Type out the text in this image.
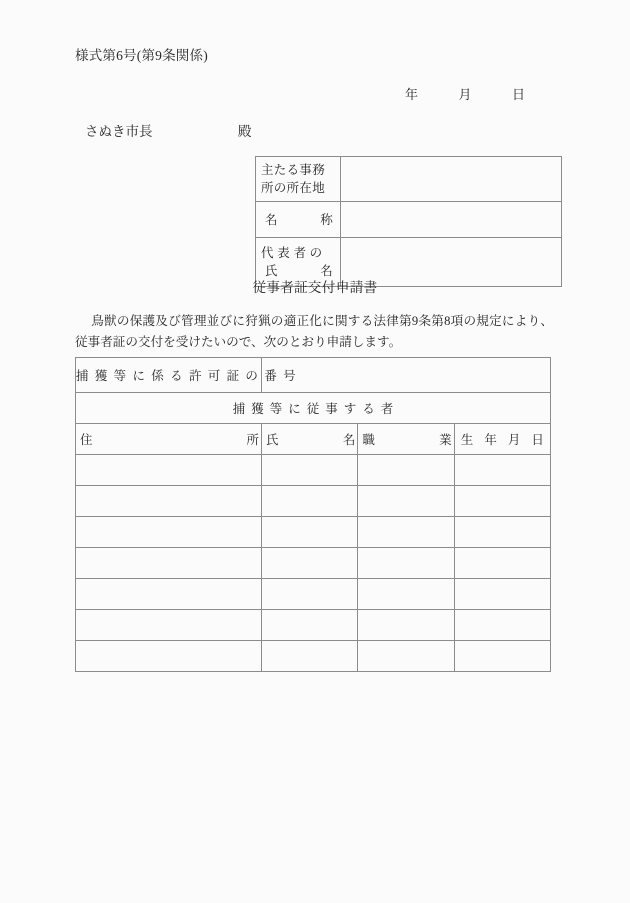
様式第6号(第9条関係)
年	月	日
さぬき市長	殿
主たる事務
所の所在地	

名 称	

代 表 者 の
氏 名	

従事者証交付申請書
鳥獣の保護及び管理並びに狩猟の適正化に関する法律第9条第8項の規定により、従事者証の交付を受けたいので、次のとおり申請します。
捕 獲 等 に 係 る 許 可 証 の 番 号			
捕獲等に従事する者			

住 所	氏 名	職 業	生 年 月 日
